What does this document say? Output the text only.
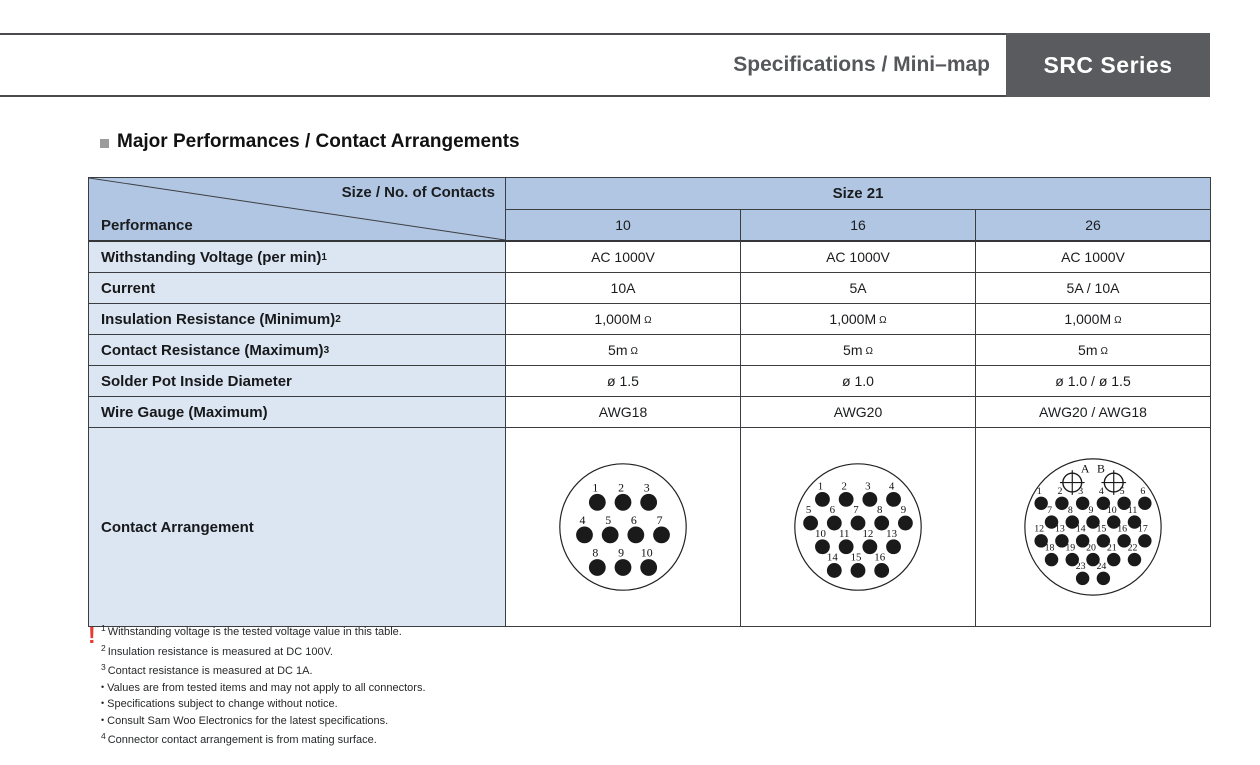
Specifications / Mini–map SRC Series
Major Performances / Contact Arrangements
Size / No. of Contacts
Performance
Size 21
10	16	26
Withstanding Voltage (per min) 1	AC 1000V	AC 1000V	AC 1000V
Current	10A	5A	5A / 10A
Insulation Resistance (Minimum) 2	1,000M Ω	1,000M Ω	1,000M Ω
Contact Resistance (Maximum) 3	5m Ω	5m Ω	5m Ω
Solder Pot Inside Diameter	ø 1.5	ø 1.0	ø 1.0 / ø 1.5
Wire Gauge (Maximum)	AWG18	AWG20	AWG20 / AWG18
Contact Arrangement
1 2 3
4 5 6 7
8 9 10
1 2 3 4
5 6 7 8 9
10 11 12 13
14 15 16
A B
1 2 3 4 5 6
7 8 9 10 11
12 13 14 15 16 17
18 19 20 21 22
23 24
! $^1$ Withstanding voltage is the tested voltage value in this table.
$^2$ Insulation resistance is measured at DC 100V.
$^3$ Contact resistance is measured at DC 1A.
• Values are from tested items and may not apply to all connectors.
• Specifications subject to change without notice.
• Consult Sam Woo Electronics for the latest specifications.
$^4$ Connector contact arrangement is from mating surface.
